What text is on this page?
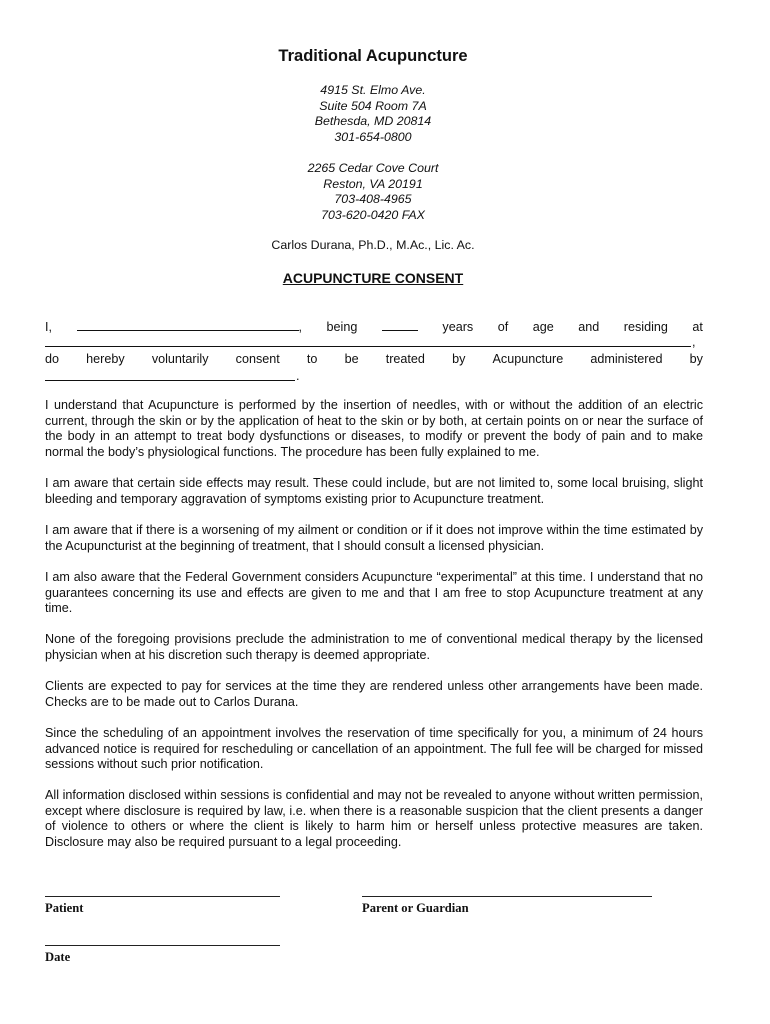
Traditional Acupuncture
4915 St. Elmo Ave.
Suite 504 Room 7A
Bethesda, MD 20814
301-654-0800
2265 Cedar Cove Court
Reston, VA 20191
703-408-4965
703-620-0420 FAX
Carlos Durana, Ph.D., M.Ac., Lic. Ac.
ACUPUNCTURE CONSENT
I,	, being	years of age and residing at
,
do hereby voluntarily consent to be treated by Acupuncture administered by
.
I understand that Acupuncture is performed by the insertion of needles, with or without the addition of an electric current, through the skin or by the application of heat to the skin or by both, at certain points on or near the surface of the body in an attempt to treat body dysfunctions or diseases, to modify or prevent the body of pain and to make normal the body’s physiological functions. The procedure has been fully explained to me.
I am aware that certain side effects may result. These could include, but are not limited to, some local bruising, slight bleeding and temporary aggravation of symptoms existing prior to Acupuncture treatment.
I am aware that if there is a worsening of my ailment or condition or if it does not improve within the time estimated by the Acupuncturist at the beginning of treatment, that I should consult a licensed physician.
I am also aware that the Federal Government considers Acupuncture “experimental” at this time. I understand that no guarantees concerning its use and effects are given to me and that I am free to stop Acupuncture treatment at any time.
None of the foregoing provisions preclude the administration to me of conventional medical therapy by the licensed physician when at his discretion such therapy is deemed appropriate.
Clients are expected to pay for services at the time they are rendered unless other arrangements have been made. Checks are to be made out to Carlos Durana.
Since the scheduling of an appointment involves the reservation of time specifically for you, a minimum of 24 hours advanced notice is required for rescheduling or cancellation of an appointment. The full fee will be charged for missed sessions without such prior notification.
All information disclosed within sessions is confidential and may not be revealed to anyone without written permission, except where disclosure is required by law, i.e. when there is a reasonable suspicion that the client presents a danger of violence to others or where the client is likely to harm him or herself unless protective measures are taken. Disclosure may also be required pursuant to a legal proceeding.
Patient	Parent or Guardian
Date
